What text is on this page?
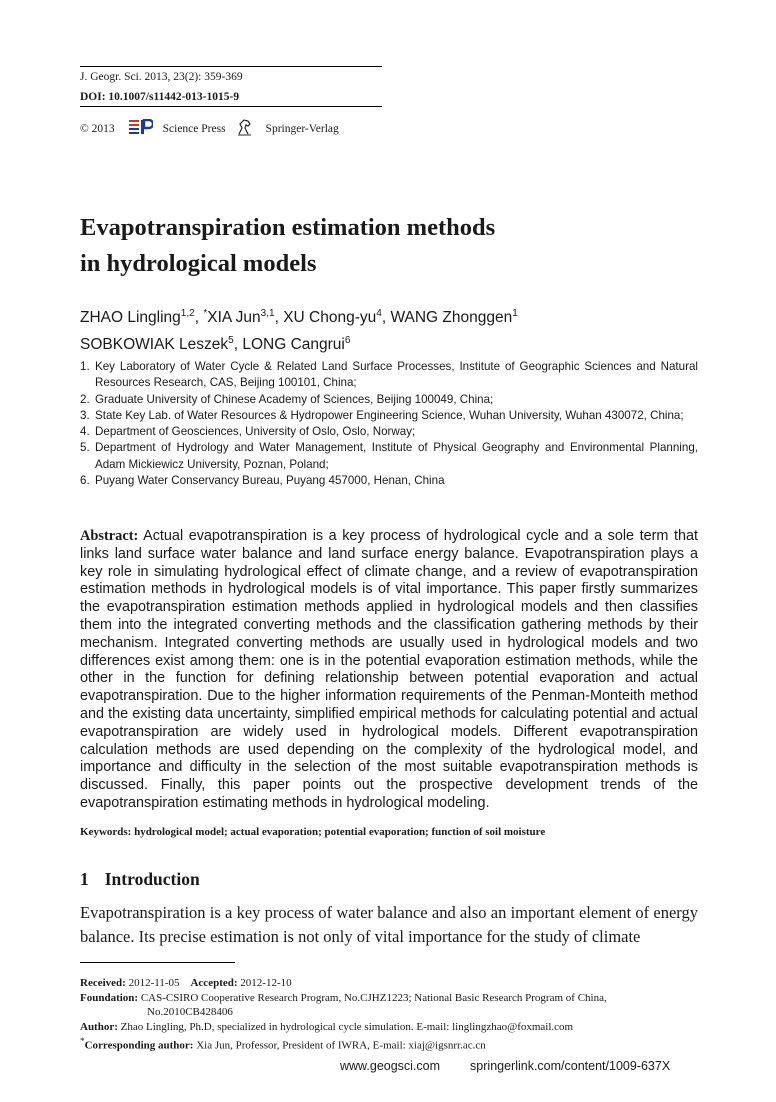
J. Geogr. Sci. 2013, 23(2): 359-369
DOI: 10.1007/s11442-013-1015-9
© 2013	Science Press	Springer-Verlag
Evapotranspiration estimation methods
in hydrological models
ZHAO Lingling$^{1,2}$, *XIA Jun$^{3,1}$, XU Chong-$yu^4$, WANG Zhonggen$^1$
SOBKOWIAK Leszek$^5$, LONG Cangrui$^6$
1. Key Laboratory of Water Cycle & Related Land Surface Processes, Institute of Geographic Sciences and Natural Resources Research, CAS, Beijing 100101, China;
2. Graduate University of Chinese Academy of Sciences, Beijing 100049, China;
3. State Key Lab. of Water Resources & Hydropower Engineering Science, Wuhan University, Wuhan 430072, China;
4. Department of Geosciences, University of Oslo, Oslo, Norway;
5. Department of Hydrology and Water Management, Institute of Physical Geography and Environmental Planning, Adam Mickiewicz University, Poznan, Poland;
6. Puyang Water Conservancy Bureau, Puyang 457000, Henan, China
Abstract: Actual evapotranspiration is a key process of hydrological cycle and a sole term that links land surface water balance and land surface energy balance. Evapotranspiration plays a key role in simulating hydrological effect of climate change, and a review of evapotranspiration estimation methods in hydrological models is of vital importance. This paper firstly summarizes the evapotranspiration estimation methods applied in hydrological models and then classifies them into the integrated converting methods and the classification gathering methods by their mechanism. Integrated converting methods are usually used in hydrological models and two differences exist among them: one is in the potential evaporation estimation methods, while the other in the function for defining relationship between potential evaporation and actual evapotranspiration. Due to the higher information requirements of the Penman-Monteith method and the existing data uncertainty, simplified empirical methods for calculating potential and actual evapotranspiration are widely used in hydrological models. Different evapotranspiration calculation methods are used depending on the complexity of the hydrological model, and importance and difficulty in the selection of the most suitable evapotranspiration methods is discussed. Finally, this paper points out the prospective development trends of the evapotranspiration estimating methods in hydrological modeling.
Keywords: hydrological model; actual evaporation; potential evaporation; function of soil moisture
1 Introduction
Evapotranspiration is a key process of water balance and also an important element of energy balance. Its precise estimation is not only of vital importance for the study of climate
Received: 2012-11-05 Accepted: 2012-12-10
Foundation: CAS-CSIRO Cooperative Research Program, No.CJHZ1223; National Basic Research Program of China,
No.2010CB428406
Author: Zhao Lingling, Ph.D, specialized in hydrological cycle simulation. E-mail: linglingzhao@foxmail.com
*Corresponding author: Xia Jun, Professor, President of IWRA, E-mail: xiaj@igsnrr.ac.cn
www.geogsci.com springerlink.com/content/1009-637X
